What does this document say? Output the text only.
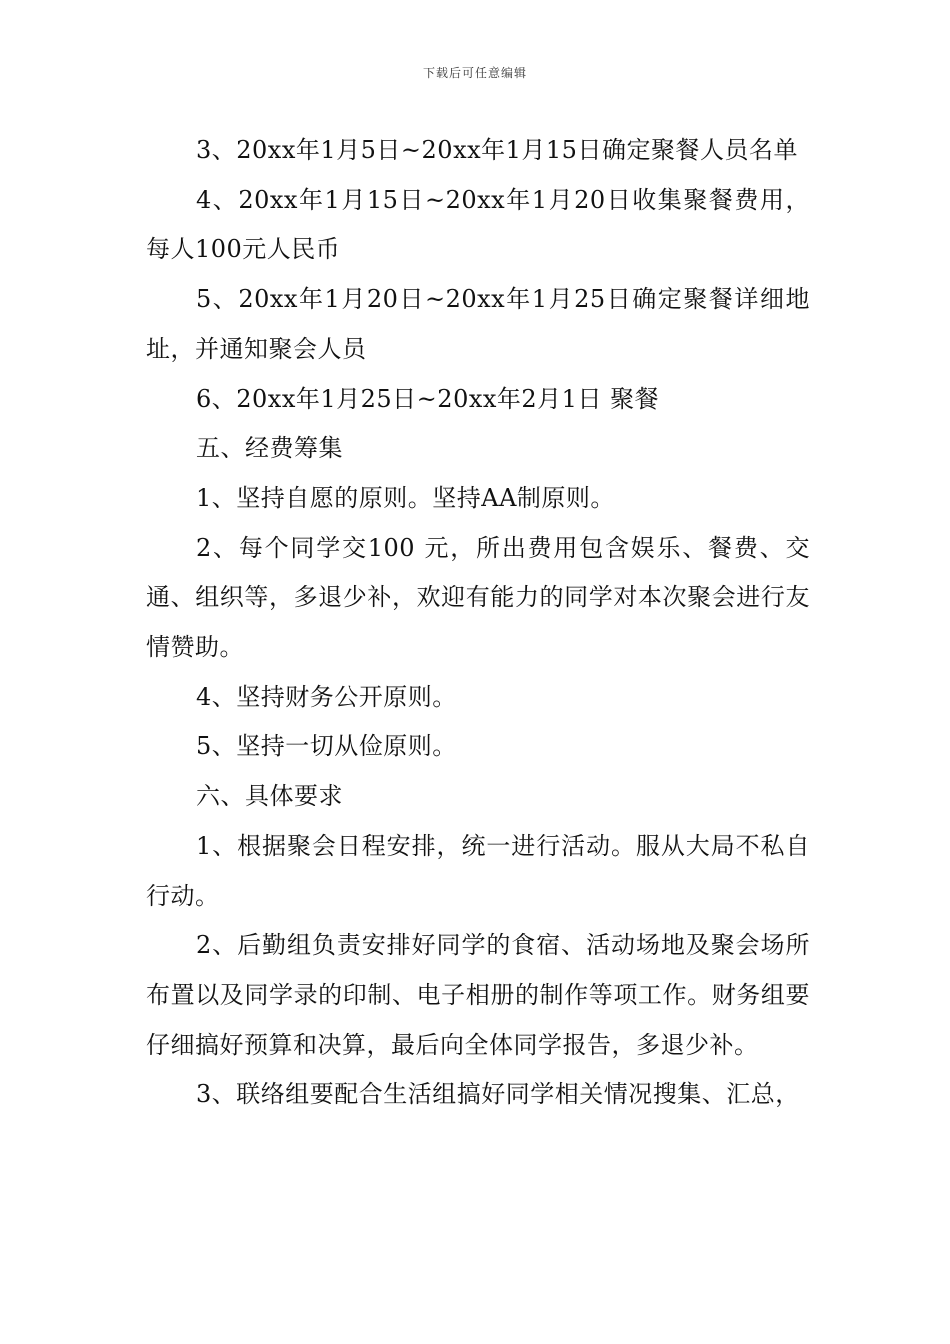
下载后可任意编辑

3、20xx年1月5日~20xx年1月15日确定聚餐人员名单

4、20xx年1月15日~20xx年1月20日收集聚餐费用，每人100元人民币

5、20xx年1月20日~20xx年1月25日确定聚餐详细地址，并通知聚会人员

6、20xx年1月25日~20xx年2月1日 聚餐

五、经费筹集

1、坚持自愿的原则。坚持AA制原则。

2、每个同学交100 元，所出费用包含娱乐、餐费、交通、组织等，多退少补，欢迎有能力的同学对本次聚会进行友情赞助。

4、坚持财务公开原则。

5、坚持一切从俭原则。

六、具体要求

1、根据聚会日程安排，统一进行活动。服从大局不私自行动。

2、后勤组负责安排好同学的食宿、活动场地及聚会场所布置以及同学录的印制、电子相册的制作等项工作。财务组要仔细搞好预算和决算，最后向全体同学报告，多退少补。

3、联络组要配合生活组搞好同学相关情况搜集、汇总，
